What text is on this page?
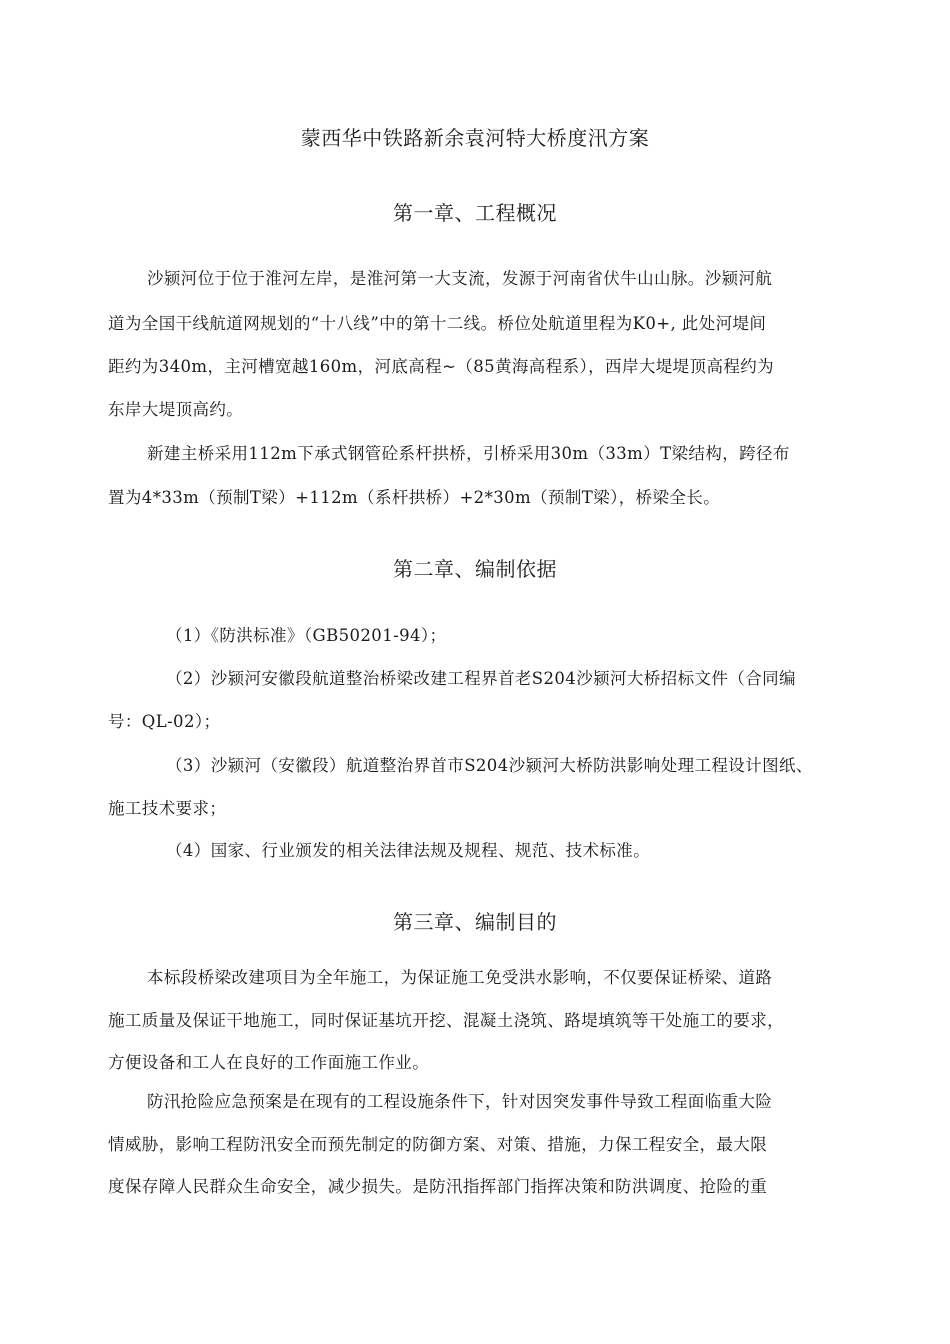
蒙西华中铁路新余袁河特大桥度汛方案
第一章、工程概况
沙颍河位于位于淮河左岸，是淮河第一大支流，发源于河南省伏牛山山脉。沙颍河航
道为全国干线航道网规划的“十八线”中的第十二线。桥位处航道里程为K0+, 此处河堤间
距约为340m，主河槽宽越160m，河底高程~（85黄海高程系），西岸大堤堤顶高程约为
东岸大堤顶高约。
新建主桥采用112m下承式钢管砼系杆拱桥，引桥采用30m（33m）T梁结构，跨径布
置为4*33m（预制T梁）+112m（系杆拱桥）+2*30m（预制T梁），桥梁全长。
第二章、编制依据
（1）《防洪标准》（GB50201-94）；
（2）沙颍河安徽段航道整治桥梁改建工程界首老S204沙颍河大桥招标文件（合同编
号：QL-02）；
（3）沙颍河（安徽段）航道整治界首市S204沙颍河大桥防洪影响处理工程设计图纸、
施工技术要求；
（4）国家、行业颁发的相关法律法规及规程、规范、技术标准。
第三章、编制目的
本标段桥梁改建项目为全年施工，为保证施工免受洪水影响，不仅要保证桥梁、道路
施工质量及保证干地施工，同时保证基坑开挖、混凝土浇筑、路堤填筑等干处施工的要求，
方便设备和工人在良好的工作面施工作业。
防汛抢险应急预案是在现有的工程设施条件下，针对因突发事件导致工程面临重大险
情威胁，影响工程防汛安全而预先制定的防御方案、对策、措施，力保工程安全，最大限
度保存障人民群众生命安全，减少损失。是防汛指挥部门指挥决策和防洪调度、抢险的重
